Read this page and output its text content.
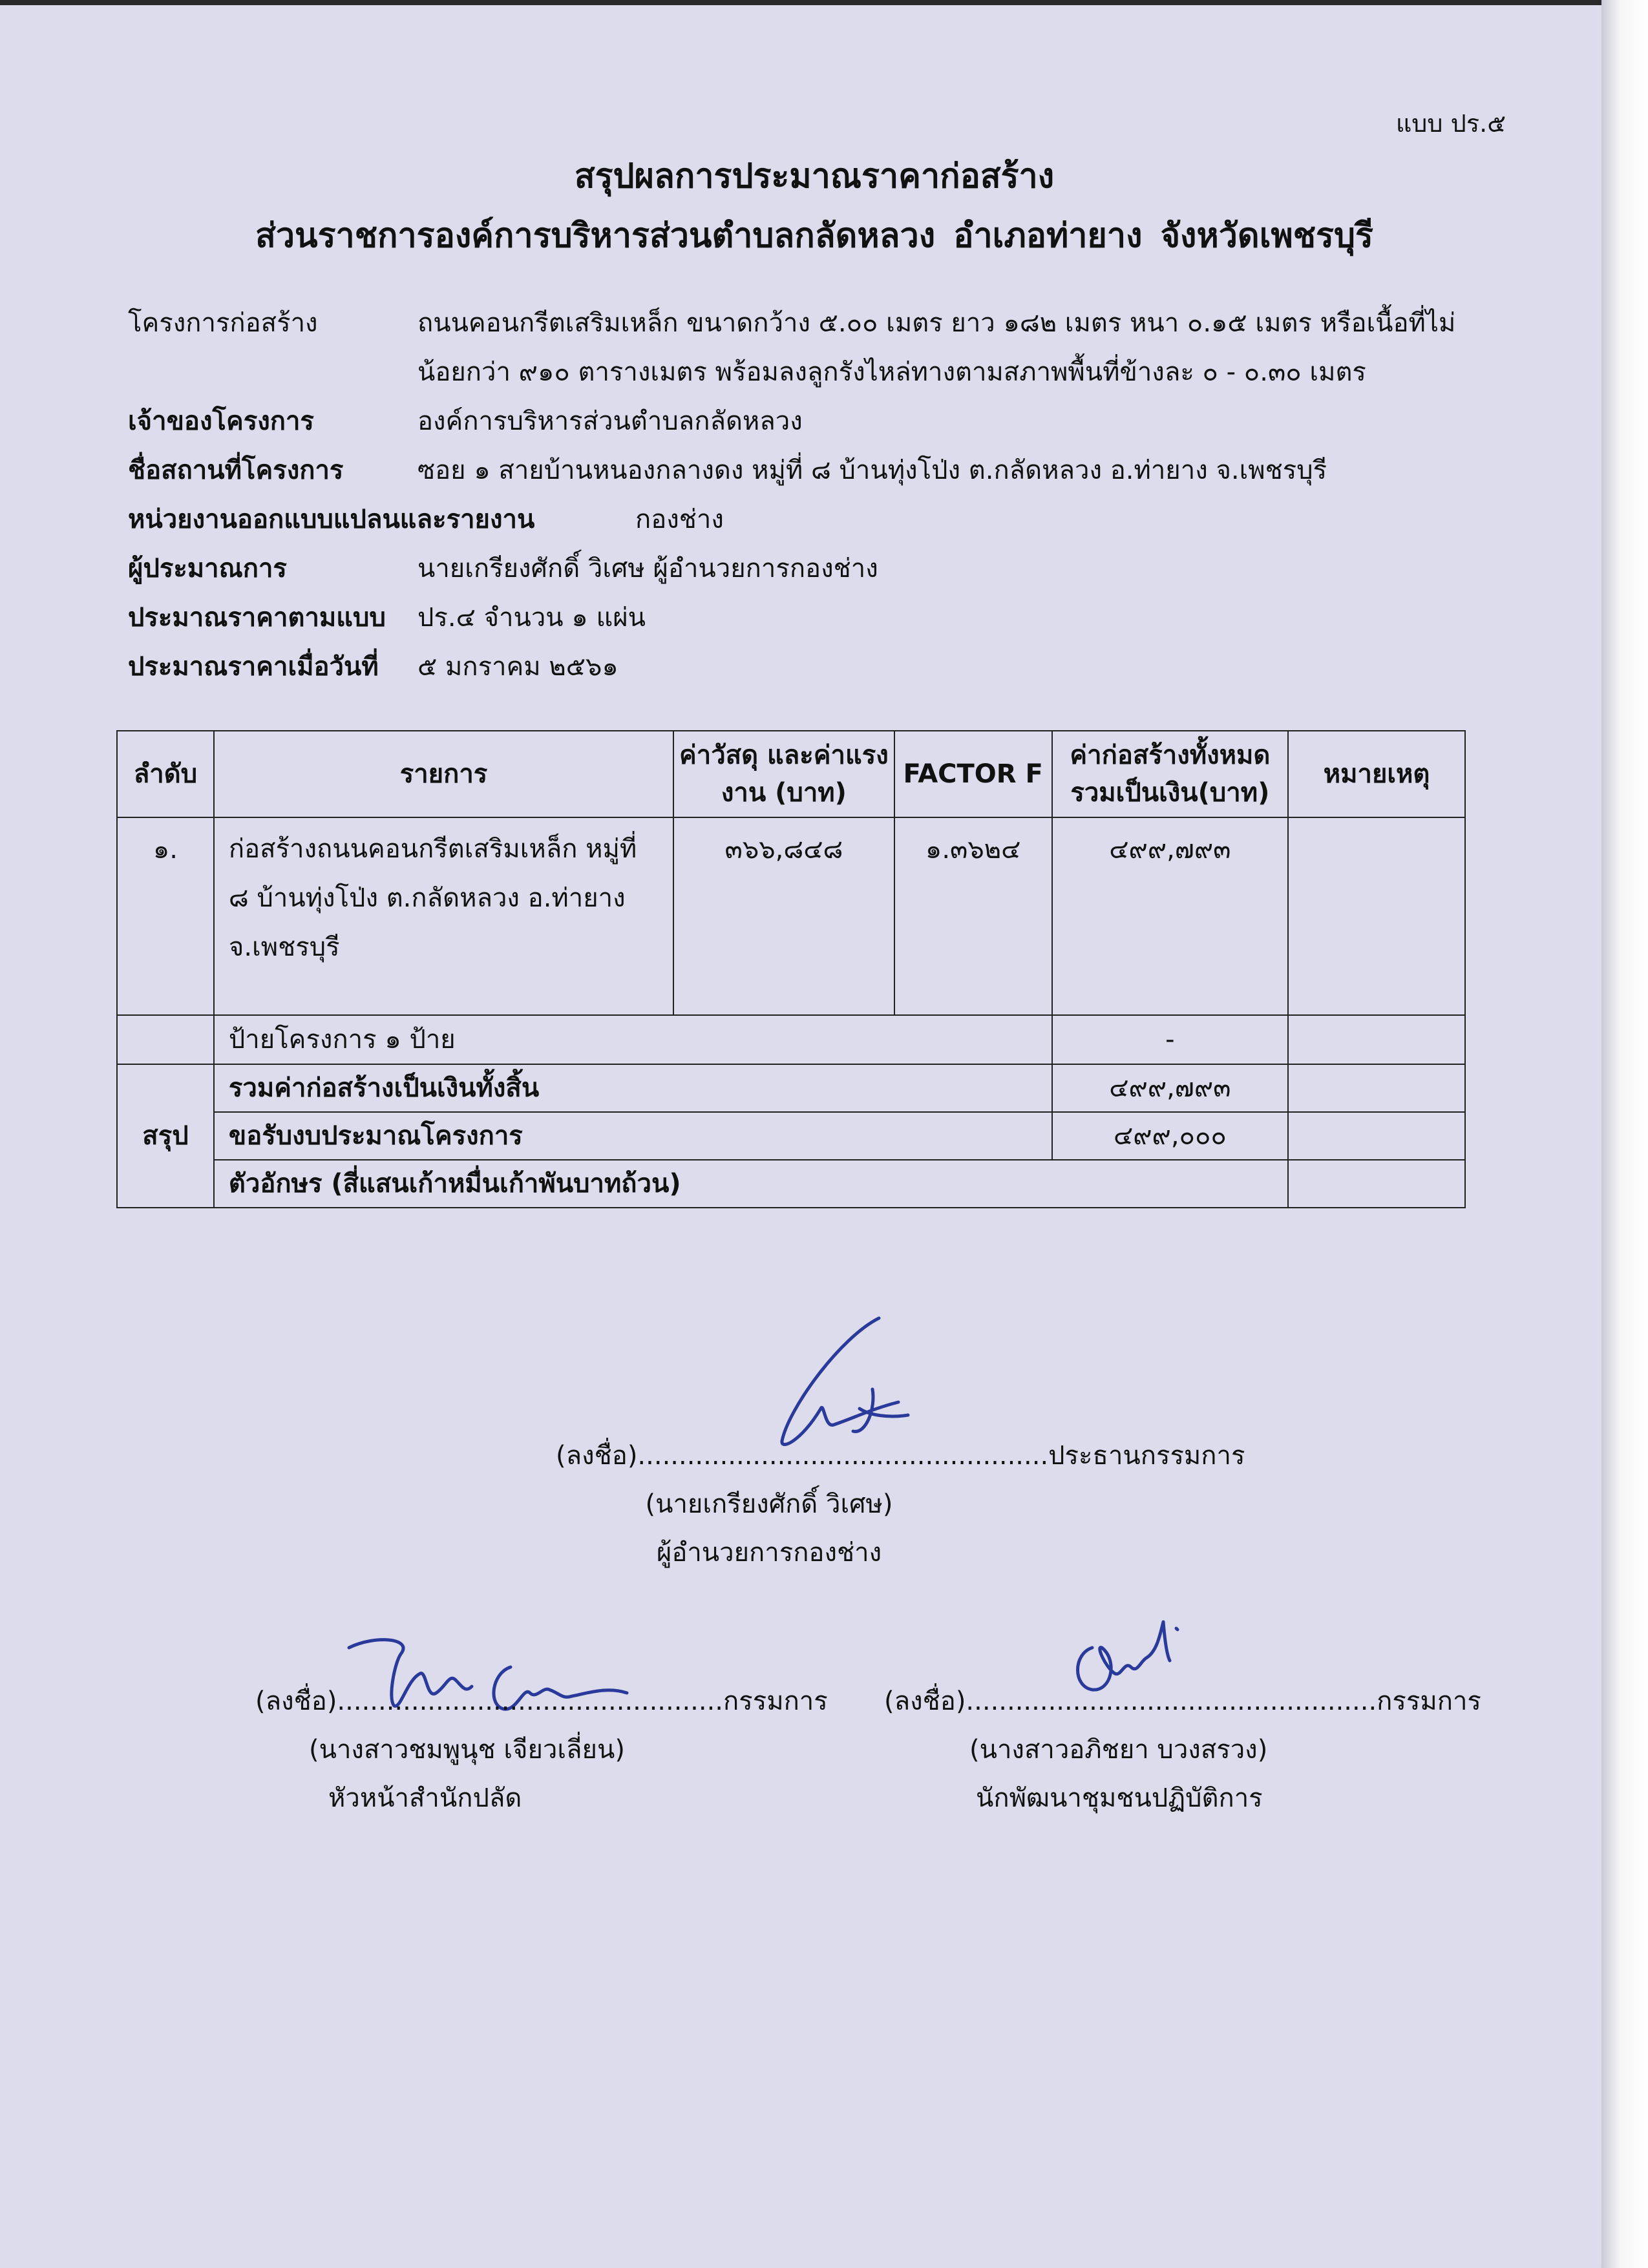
แบบ ปร.๕
สรุปผลการประมาณราคาก่อสร้าง
ส่วนราชการองค์การบริหารส่วนตำบลกลัดหลวง อำเภอท่ายาง จังหวัดเพชรบุรี
โครงการก่อสร้าง	ถนนคอนกรีตเสริมเหล็ก ขนาดกว้าง ๕.๐๐ เมตร ยาว ๑๘๒ เมตร หนา ๐.๑๕ เมตร หรือเนื้อที่ไม่น้อยกว่า ๙๑๐ ตารางเมตร พร้อมลงลูกรังไหล่ทางตามสภาพพื้นที่ข้างละ ๐ - ๐.๓๐ เมตร
เจ้าของโครงการ	องค์การบริหารส่วนตำบลกลัดหลวง
ชื่อสถานที่โครงการ	ซอย ๑ สายบ้านหนองกลางดง หมู่ที่ ๘ บ้านทุ่งโป่ง ต.กลัดหลวง อ.ท่ายาง จ.เพชรบุรี
หน่วยงานออกแบบแปลนและรายงาน	กองช่าง
ผู้ประมาณการ	นายเกรียงศักดิ์ วิเศษ ผู้อำนวยการกองช่าง
ประมาณราคาตามแบบ ปร.๔ จำนวน ๑ แผ่น
ประมาณราคาเมื่อวันที่ ๕ มกราคม ๒๕๖๑
ลำดับ	รายการ	ค่าวัสดุ และค่าแรงงาน (บาท)	FACTOR F	ค่าก่อสร้างทั้งหมดรวมเป็นเงิน(บาท)	หมายเหตุ
๑.	ก่อสร้างถนนคอนกรีตเสริมเหล็ก หมู่ที่ ๘ บ้านทุ่งโป่ง ต.กลัดหลวง อ.ท่ายาง จ.เพชรบุรี	๓๖๖,๘๔๘	๑.๓๖๒๔	๔๙๙,๗๙๓	
	ป้ายโครงการ ๑ ป้าย			-	
สรุป	รวมค่าก่อสร้างเป็นเงินทั้งสิ้น			๔๙๙,๗๙๓	
	ขอรับงบประมาณโครงการ			๔๙๙,๐๐๐	
	ตัวอักษร (สี่แสนเก้าหมื่นเก้าพันบาทถ้วน)				
(ลงชื่อ)..................................................ประธานกรรมการ
(นายเกรียงศักดิ์ วิเศษ)
ผู้อำนวยการกองช่าง
(ลงชื่อ)...............................................กรรมการ
(นางสาวชมพูนุช เจียวเลี่ยน)
หัวหน้าสำนักปลัด
(ลงชื่อ)..................................................กรรมการ
(นางสาวอภิชยา บวงสรวง)
นักพัฒนาชุมชนปฏิบัติการ
